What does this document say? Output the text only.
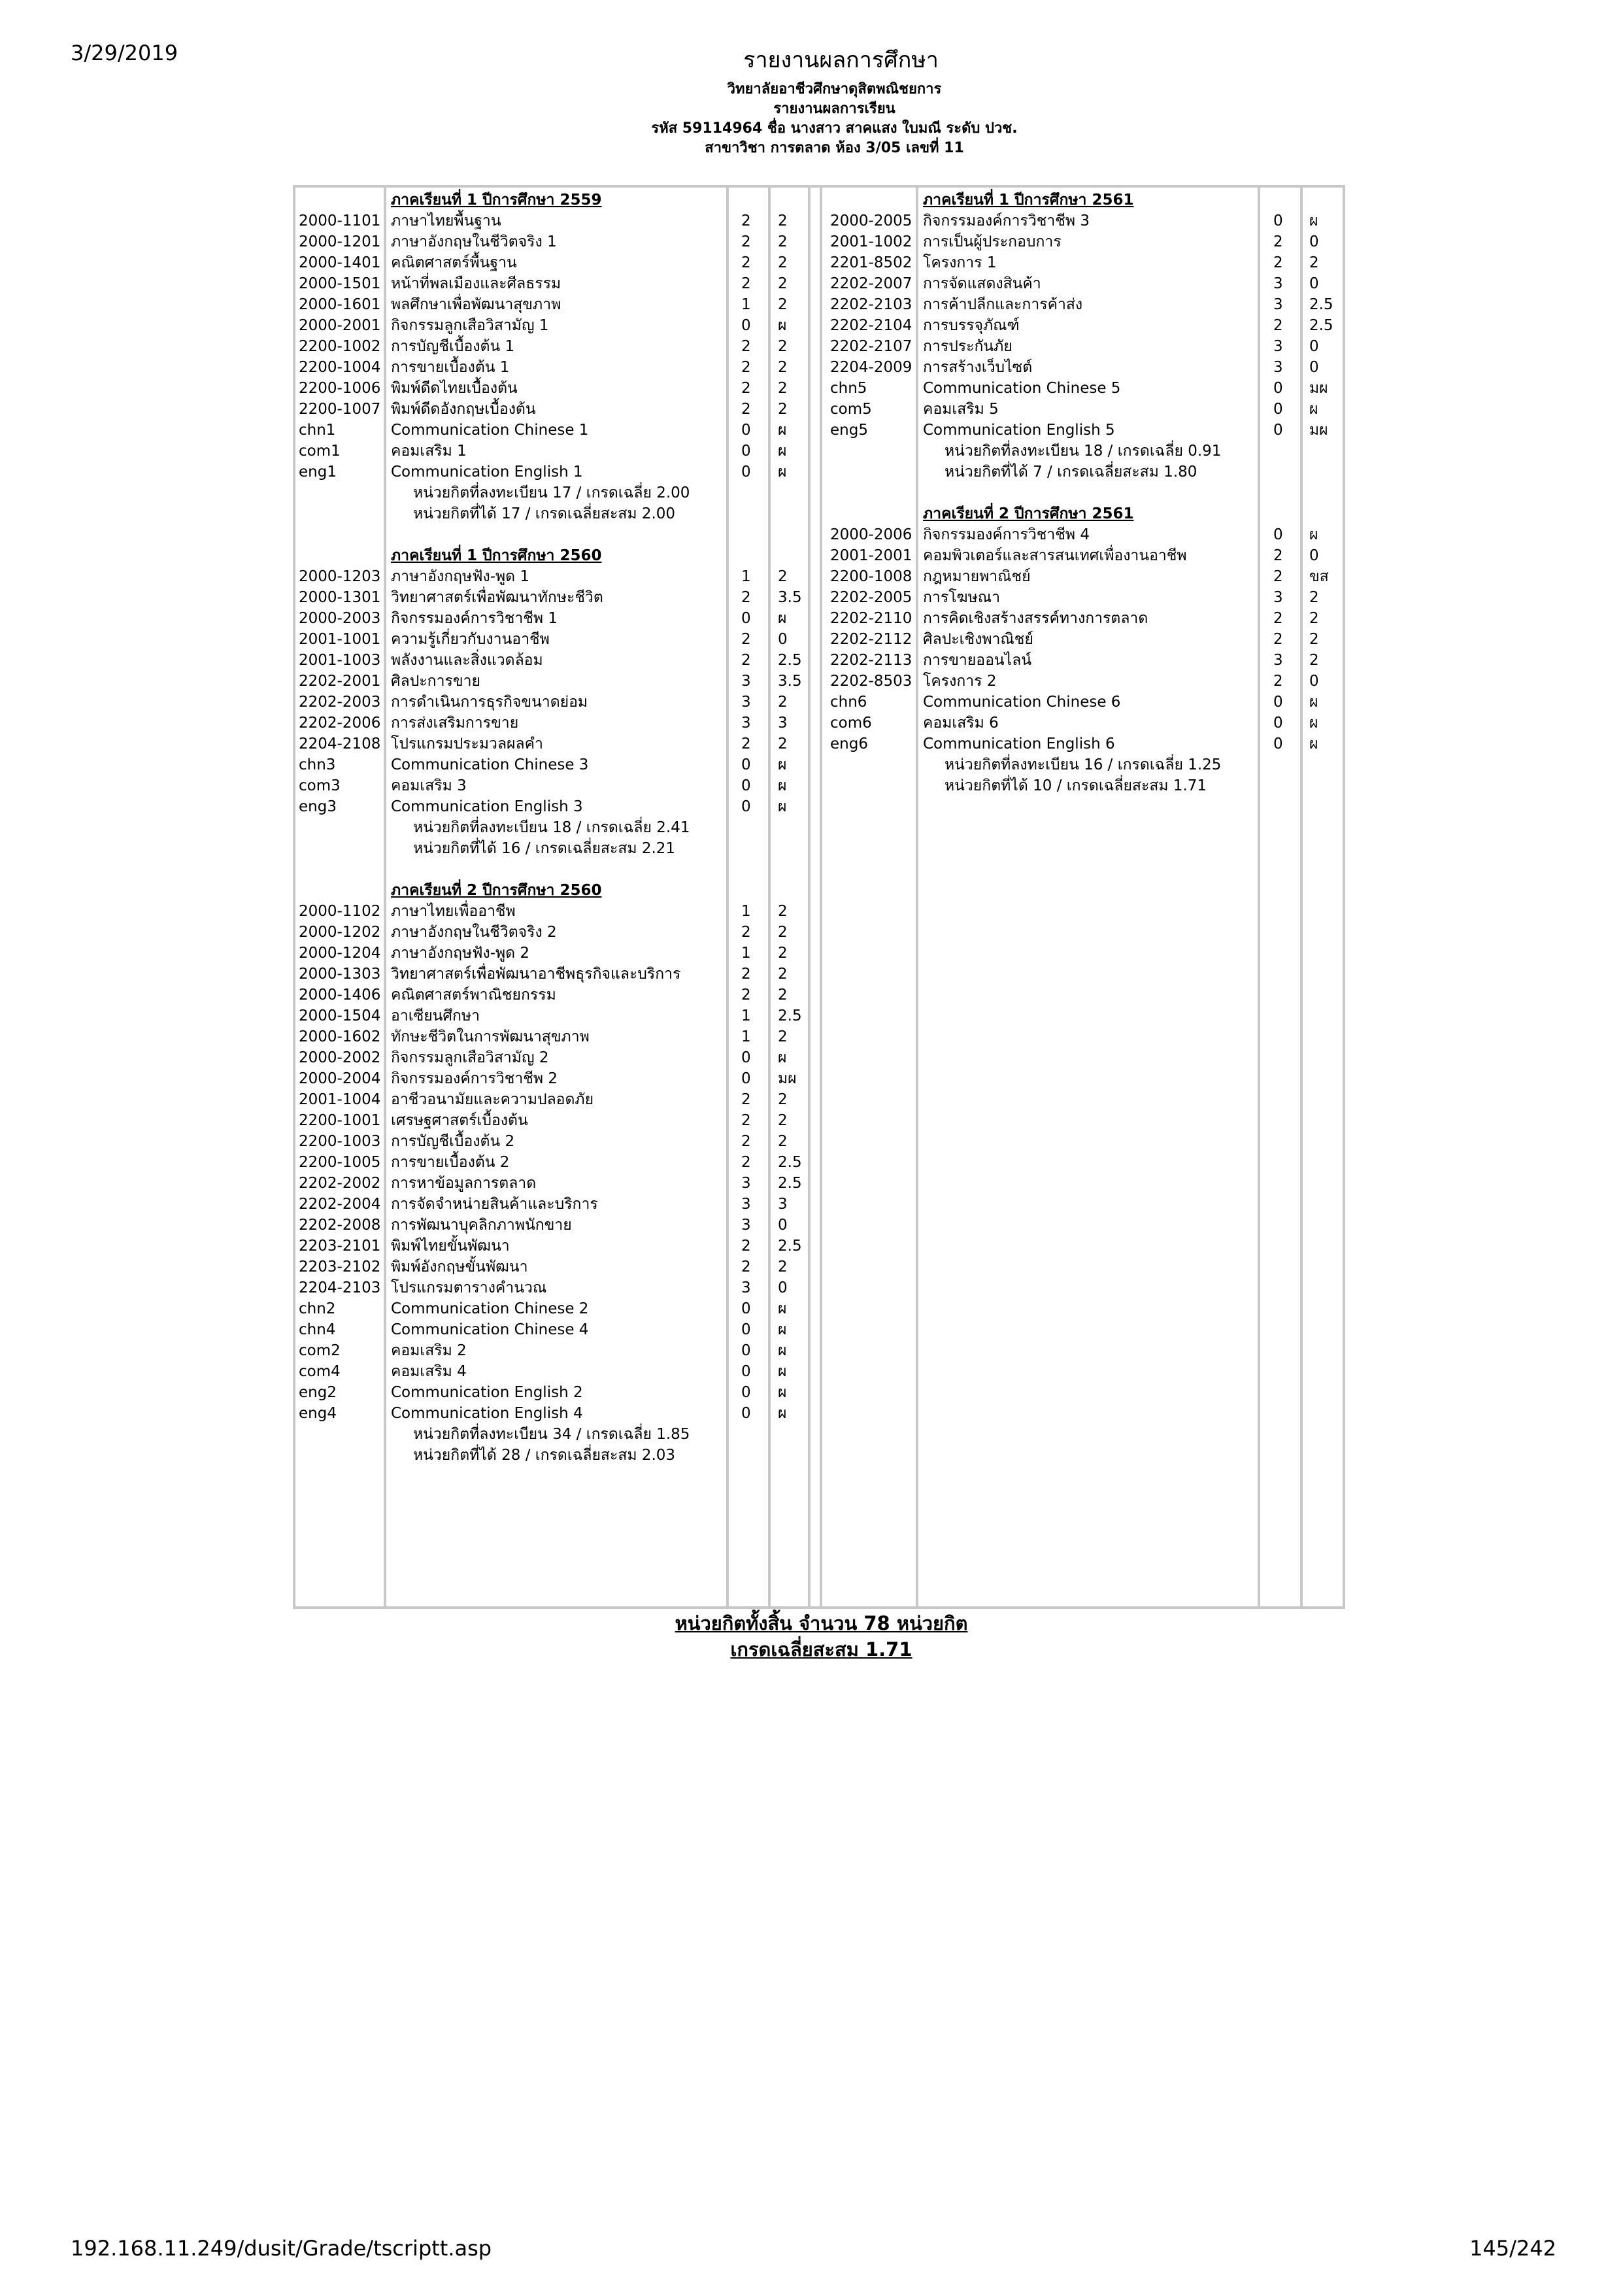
3/29/2019	รายงานผลการศึกษา
วิทยาลัยอาชีวศึกษาดุสิตพณิชยการ
รายงานผลการเรียน
รหัส 59114964 ชื่อ นางสาว สาคแสง ใบมณี ระดับ ปวช.
สาขาวิชา การตลาด ห้อง 3/05 เลขที่ 11
ภาคเรียนที่ 1 ปีการศึกษา 2559
2000-1101 ภาษาไทยพื้นฐาน	2 2
2000-1201 ภาษาอังกฤษในชีวิตจริง 1	2 2
2000-1401 คณิตศาสตร์พื้นฐาน	2 2
2000-1501 หน้าที่พลเมืองและศีลธรรม	2 2
2000-1601 พลศึกษาเพื่อพัฒนาสุขภาพ	1 2
2000-2001 กิจกรรมลูกเสือวิสามัญ 1	0 ผ
2200-1002 การบัญชีเบื้องต้น 1	2 2
2200-1004 การขายเบื้องต้น 1	2 2
2200-1006 พิมพ์ดีดไทยเบื้องต้น	2 2
2200-1007 พิมพ์ดีดอังกฤษเบื้องต้น	2 2
chn1	Communication Chinese 1	0 ผ
com1	คอมเสริม 1	0 ผ
eng1	Communication English 1	0 ผ
หน่วยกิตที่ลงทะเบียน 17 / เกรดเฉลี่ย 2.00
หน่วยกิตที่ได้ 17 / เกรดเฉลี่ยสะสม 2.00
ภาคเรียนที่ 1 ปีการศึกษา 2560
2000-1203 ภาษาอังกฤษฟัง-พูด 1	1 2
2000-1301 วิทยาศาสตร์เพื่อพัฒนาทักษะชีวิต	2 3.5
2000-2003 กิจกรรมองค์การวิชาชีพ 1	0 ผ
2001-1001 ความรู้เกี่ยวกับงานอาชีพ	2 0
2001-1003 พลังงานและสิ่งแวดล้อม	2 2.5
2202-2001 ศิลปะการขาย	3 3.5
2202-2003 การดำเนินการธุรกิจขนาดย่อม	3 2
2202-2006 การส่งเสริมการขาย	3 3
2204-2108 โปรแกรมประมวลผลคำ	2 2
chn3	Communication Chinese 3	0 ผ
com3	คอมเสริม 3	0 ผ
eng3	Communication English 3	0 ผ
หน่วยกิตที่ลงทะเบียน 18 / เกรดเฉลี่ย 2.41
หน่วยกิตที่ได้ 16 / เกรดเฉลี่ยสะสม 2.21
ภาคเรียนที่ 2 ปีการศึกษา 2560
2000-1102 ภาษาไทยเพื่ออาชีพ	1 2
2000-1202 ภาษาอังกฤษในชีวิตจริง 2	2 2
2000-1204 ภาษาอังกฤษฟัง-พูด 2	1 2
2000-1303 วิทยาศาสตร์เพื่อพัฒนาอาชีพธุรกิจและบริการ	2 2
2000-1406 คณิตศาสตร์พาณิชยกรรม	2 2
2000-1504 อาเซียนศึกษา	1 2.5
2000-1602 ทักษะชีวิตในการพัฒนาสุขภาพ	1 2
2000-2002 กิจกรรมลูกเสือวิสามัญ 2	0 ผ
2000-2004 กิจกรรมองค์การวิชาชีพ 2	0 มผ
2001-1004 อาชีวอนามัยและความปลอดภัย	2 2
2200-1001 เศรษฐศาสตร์เบื้องต้น	2 2
2200-1003 การบัญชีเบื้องต้น 2	2 2
2200-1005 การขายเบื้องต้น 2	2 2.5
2202-2002 การหาข้อมูลการตลาด	3 2.5
2202-2004 การจัดจำหน่ายสินค้าและบริการ	3 3
2202-2008 การพัฒนาบุคลิกภาพนักขาย	3 0
2203-2101 พิมพ์ไทยขั้นพัฒนา	2 2.5
2203-2102 พิมพ์อังกฤษขั้นพัฒนา	2 2
2204-2103 โปรแกรมตารางคำนวณ	3 0
chn2	Communication Chinese 2	0 ผ
chn4	Communication Chinese 4	0 ผ
com2	คอมเสริม 2	0 ผ
com4	คอมเสริม 4	0 ผ
eng2	Communication English 2	0 ผ
eng4	Communication English 4	0 ผ
หน่วยกิตที่ลงทะเบียน 34 / เกรดเฉลี่ย 1.85
หน่วยกิตที่ได้ 28 / เกรดเฉลี่ยสะสม 2.03
ภาคเรียนที่ 1 ปีการศึกษา 2561
2000-2005 กิจกรรมองค์การวิชาชีพ 3	0 ผ
2001-1002 การเป็นผู้ประกอบการ	2 0
2201-8502 โครงการ 1	2 2
2202-2007 การจัดแสดงสินค้า	3 0
2202-2103 การค้าปลีกและการค้าส่ง	3 2.5
2202-2104 การบรรจุภัณฑ์	2 2.5
2202-2107 การประกันภัย	3 0
2204-2009 การสร้างเว็บไซต์	3 0
chn5	Communication Chinese 5	0 มผ
com5	คอมเสริม 5	0 ผ
eng5	Communication English 5	0 มผ
หน่วยกิตที่ลงทะเบียน 18 / เกรดเฉลี่ย 0.91
หน่วยกิตที่ได้ 7 / เกรดเฉลี่ยสะสม 1.80
ภาคเรียนที่ 2 ปีการศึกษา 2561
2000-2006 กิจกรรมองค์การวิชาชีพ 4	0 ผ
2001-2001 คอมพิวเตอร์และสารสนเทศเพื่องานอาชีพ	2 0
2200-1008 กฎหมายพาณิชย์	2 ขส
2202-2005 การโฆษณา	3 2
2202-2110 การคิดเชิงสร้างสรรค์ทางการตลาด	2 2
2202-2112 ศิลปะเชิงพาณิชย์	2 2
2202-2113 การขายออนไลน์	3 2
2202-8503 โครงการ 2	2 0
chn6	Communication Chinese 6	0 ผ
com6	คอมเสริม 6	0 ผ
eng6	Communication English 6	0 ผ
หน่วยกิตที่ลงทะเบียน 16 / เกรดเฉลี่ย 1.25
หน่วยกิตที่ได้ 10 / เกรดเฉลี่ยสะสม 1.71
หน่วยกิตทั้งสิ้น จำนวน 78 หน่วยกิต
เกรดเฉลี่ยสะสม 1.71
192.168.11.249/dusit/Grade/tscriptt.asp	145/242
